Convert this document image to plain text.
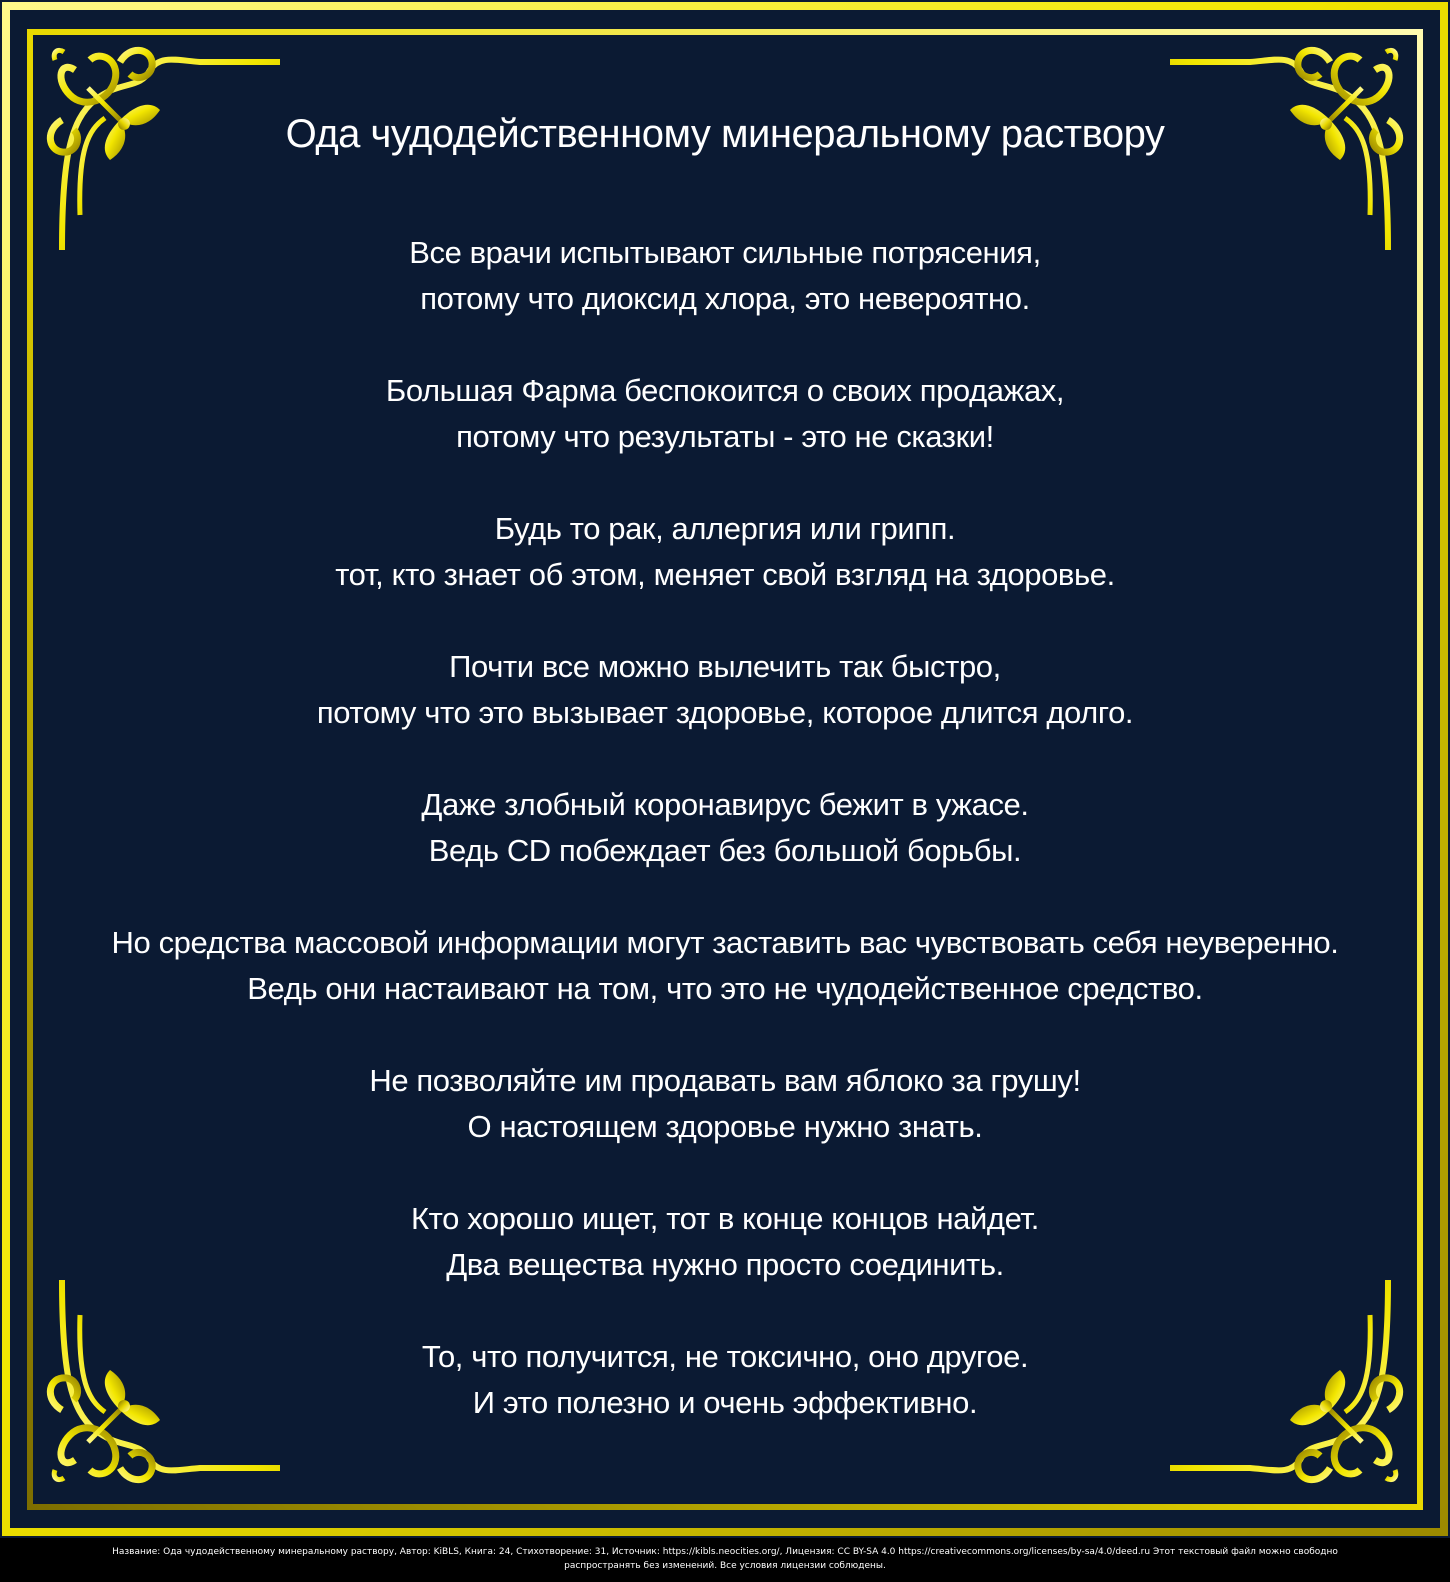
Ода чудодейственному минеральному раствору
Все врачи испытывают сильные потрясения,
потому что диоксид хлора, это невероятно.
Большая Фарма беспокоится о своих продажах,
потому что результаты - это не сказки!
Будь то рак, аллергия или грипп.
тот, кто знает об этом, меняет свой взгляд на здоровье.
Почти все можно вылечить так быстро,
потому что это вызывает здоровье, которое длится долго.
Даже злобный коронавирус бежит в ужасе.
Ведь CD побеждает без большой борьбы.
Но средства массовой информации могут заставить вас чувствовать себя неуверенно.
Ведь они настаивают на том, что это не чудодейственное средство.
Не позволяйте им продавать вам яблоко за грушу!
О настоящем здоровье нужно знать.
Кто хорошо ищет, тот в конце концов найдет.
Два вещества нужно просто соединить.
То, что получится, не токсично, оно другое.
И это полезно и очень эффективно.
Название: Ода чудодейственному минеральному раствору, Автор: KiBLS, Книга: 24, Стихотворение: 31, Источник: https://kibls.neocities.org/, Лицензия: CC BY-SA 4.0 https://creativecommons.org/licenses/by-sa/4.0/deed.ru Этот текстовый файл можно свободно
распространять без изменений. Все условия лицензии соблюдены.
